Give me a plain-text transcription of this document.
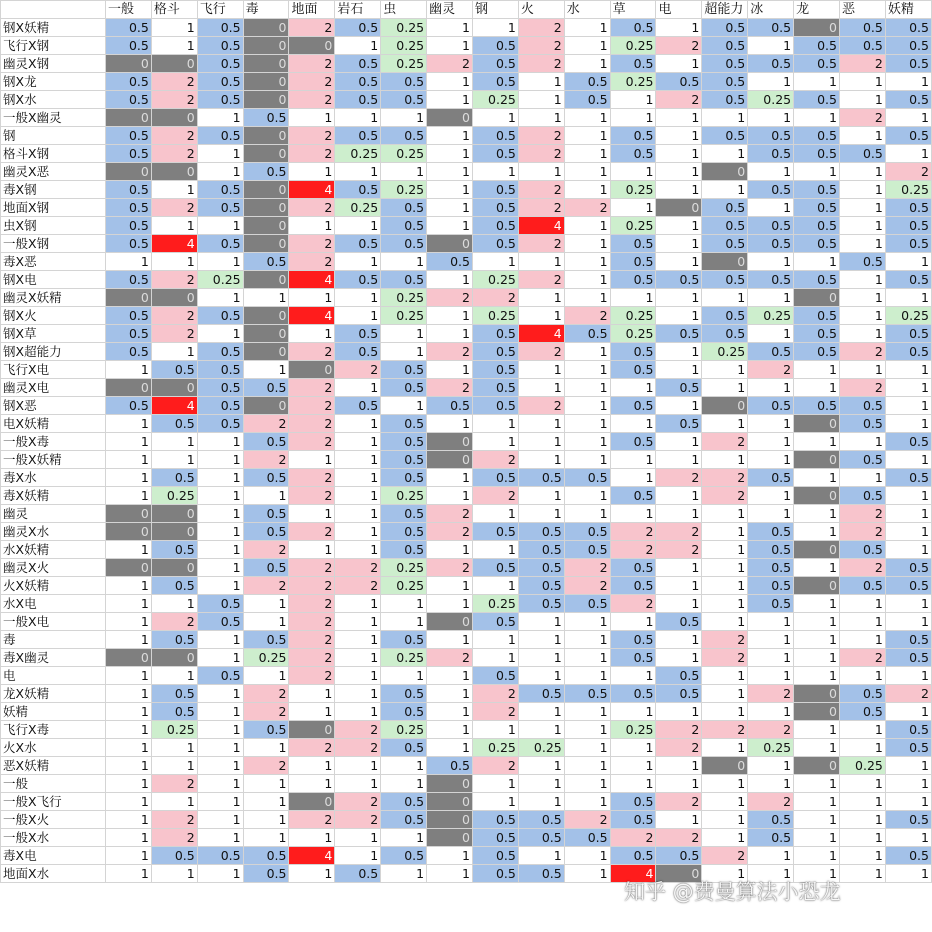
	一般	格斗	飞行	毒	地面	岩石	虫	幽灵	钢	火	水	草	电	超能力	冰	龙	恶	妖精
钢X妖精	0.5	1	0.5	0	2	0.5	0.25	1	1	2	1	0.5	1	0.5	0.5	0	0.5	0.5
飞行X钢	0.5	1	0.5	0	0	1	0.25	1	0.5	2	1	0.25	2	0.5	1	0.5	0.5	0.5
幽灵X钢	0	0	0.5	0	2	0.5	0.25	2	0.5	2	1	0.5	1	0.5	0.5	0.5	2	0.5
钢X龙	0.5	2	0.5	0	2	0.5	0.5	1	0.5	1	0.5	0.25	0.5	0.5	1	1	1	1
钢X水	0.5	2	0.5	0	2	0.5	0.5	1	0.25	1	0.5	1	2	0.5	0.25	0.5	1	0.5
一般X幽灵	0	0	1	0.5	1	1	1	0	1	1	1	1	1	1	1	1	2	1
钢	0.5	2	0.5	0	2	0.5	0.5	1	0.5	2	1	0.5	1	0.5	0.5	0.5	1	0.5
格斗X钢	0.5	2	1	0	2	0.25	0.25	1	0.5	2	1	0.5	1	1	0.5	0.5	0.5	1
幽灵X恶	0	0	1	0.5	1	1	1	1	1	1	1	1	1	0	1	1	1	2
毒X钢	0.5	1	0.5	0	4	0.5	0.25	1	0.5	2	1	0.25	1	1	0.5	0.5	1	0.25
地面X钢	0.5	2	0.5	0	2	0.25	0.5	1	0.5	2	2	1	0	0.5	1	0.5	1	0.5
虫X钢	0.5	1	1	0	1	1	0.5	1	0.5	4	1	0.25	1	0.5	0.5	0.5	1	0.5
一般X钢	0.5	4	0.5	0	2	0.5	0.5	0	0.5	2	1	0.5	1	0.5	0.5	0.5	1	0.5
毒X恶	1	1	1	0.5	2	1	1	0.5	1	1	1	0.5	1	0	1	1	0.5	1
钢X电	0.5	2	0.25	0	4	0.5	0.5	1	0.25	2	1	0.5	0.5	0.5	0.5	0.5	1	0.5
幽灵X妖精	0	0	1	1	1	1	0.25	2	2	1	1	1	1	1	1	0	1	1
钢X火	0.5	2	0.5	0	4	1	0.25	1	0.25	1	2	0.25	1	0.5	0.25	0.5	1	0.25
钢X草	0.5	2	1	0	1	0.5	1	1	0.5	4	0.5	0.25	0.5	0.5	1	0.5	1	0.5
钢X超能力	0.5	1	0.5	0	2	0.5	1	2	0.5	2	1	0.5	1	0.25	0.5	0.5	2	0.5
飞行X电	1	0.5	0.5	1	0	2	0.5	1	0.5	1	1	0.5	1	1	2	1	1	1
幽灵X电	0	0	0.5	0.5	2	1	0.5	2	0.5	1	1	1	0.5	1	1	1	2	1
钢X恶	0.5	4	0.5	0	2	0.5	1	0.5	0.5	2	1	0.5	1	0	0.5	0.5	0.5	1
电X妖精	1	0.5	0.5	2	2	1	0.5	1	1	1	1	1	0.5	1	1	0	0.5	1
一般X毒	1	1	1	0.5	2	1	0.5	0	1	1	1	0.5	1	2	1	1	1	0.5
一般X妖精	1	1	1	2	1	1	0.5	0	2	1	1	1	1	1	1	0	0.5	1
毒X水	1	0.5	1	0.5	2	1	0.5	1	0.5	0.5	0.5	1	2	2	0.5	1	1	0.5
毒X妖精	1	0.25	1	1	2	1	0.25	1	2	1	1	0.5	1	2	1	0	0.5	1
幽灵	0	0	1	0.5	1	1	0.5	2	1	1	1	1	1	1	1	1	2	1
幽灵X水	0	0	1	0.5	2	1	0.5	2	0.5	0.5	0.5	2	2	1	0.5	1	2	1
水X妖精	1	0.5	1	2	1	1	0.5	1	1	0.5	0.5	2	2	1	0.5	0	0.5	1
幽灵X火	0	0	1	0.5	2	2	0.25	2	0.5	0.5	2	0.5	1	1	0.5	1	2	0.5
火X妖精	1	0.5	1	2	2	2	0.25	1	1	0.5	2	0.5	1	1	0.5	0	0.5	0.5
水X电	1	1	0.5	1	2	1	1	1	0.25	0.5	0.5	2	1	1	0.5	1	1	1
一般X电	1	2	0.5	1	2	1	1	0	0.5	1	1	1	0.5	1	1	1	1	1
毒	1	0.5	1	0.5	2	1	0.5	1	1	1	1	0.5	1	2	1	1	1	0.5
毒X幽灵	0	0	1	0.25	2	1	0.25	2	1	1	1	0.5	1	2	1	1	2	0.5
电	1	1	0.5	1	2	1	1	1	0.5	1	1	1	0.5	1	1	1	1	1
龙X妖精	1	0.5	1	2	1	1	0.5	1	2	0.5	0.5	0.5	0.5	1	2	0	0.5	2
妖精	1	0.5	1	2	1	1	0.5	1	2	1	1	1	1	1	1	0	0.5	1
飞行X毒	1	0.25	1	0.5	0	2	0.25	1	1	1	1	0.25	2	2	2	1	1	0.5
火X水	1	1	1	1	2	2	0.5	1	0.25	0.25	1	1	2	1	0.25	1	1	0.5
恶X妖精	1	1	1	2	1	1	1	0.5	2	1	1	1	1	0	1	0	0.25	1
一般	1	2	1	1	1	1	1	0	1	1	1	1	1	1	1	1	1	1
一般X飞行	1	1	1	1	0	2	0.5	0	1	1	1	0.5	2	1	2	1	1	1
一般X火	1	2	1	1	2	2	0.5	0	0.5	0.5	2	0.5	1	1	0.5	1	1	0.5
一般X水	1	2	1	1	1	1	1	0	0.5	0.5	0.5	2	2	1	0.5	1	1	1
毒X电	1	0.5	0.5	0.5	4	1	0.5	1	0.5	1	1	0.5	0.5	2	1	1	1	0.5
地面X水	1	1	1	0.5	1	0.5	1	1	0.5	0.5	1	4	0	1	1	1	1	1
知乎 @费曼算法小恐龙
